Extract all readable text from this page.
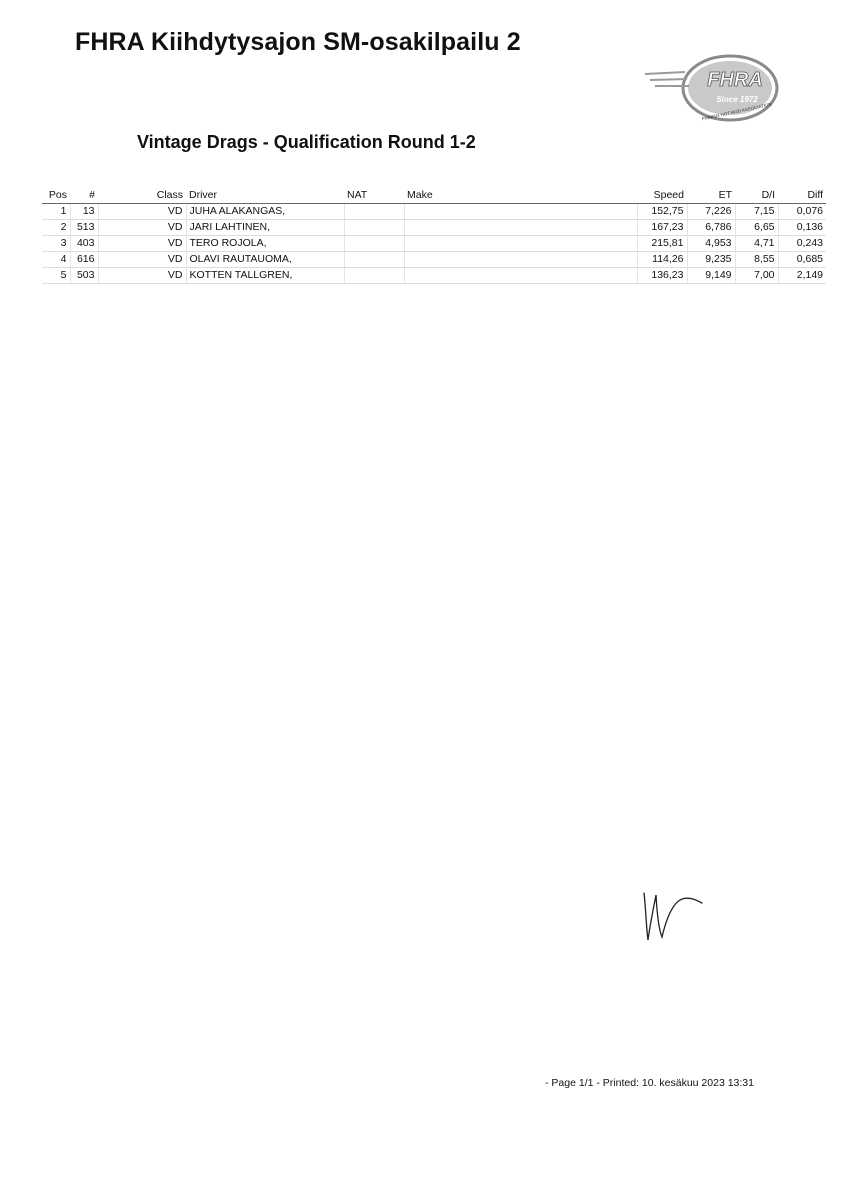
FHRA Kiihdytysajon SM-osakilpailu 2
FHRA
Since 1972
FINNISH HOT ROD ASSOCIATION
Vintage Drags - Qualification Round 1-2
Pos	#	Class	Driver	NAT	Make	Speed	ET	D/I	Diff
1	13	VD	JUHA ALAKANGAS,			152,75	7,226	7,15	0,076
2	513	VD	JARI LAHTINEN,			167,23	6,786	6,65	0,136
3	403	VD	TERO ROJOLA,			215,81	4,953	4,71	0,243
4	616	VD	OLAVI RAUTAUOMA,			114,26	9,235	8,55	0,685
5	503	VD	KOTTEN TALLGREN,			136,23	9,149	7,00	2,149
- Page 1/1 - Printed: 10. kesäkuu 2023 13:31
